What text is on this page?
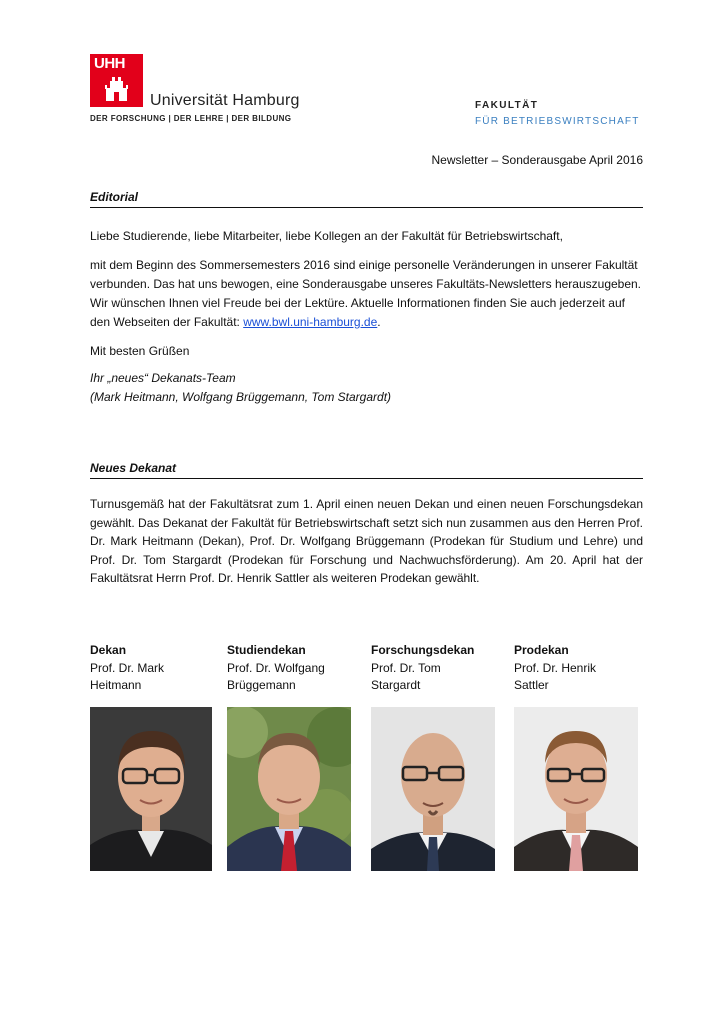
UHH
Universität Hamburg
DER FORSCHUNG | DER LEHRE | DER BILDUNG
FAKULTÄT
FÜR BETRIEBSWIRTSCHAFT
Newsletter – Sonderausgabe April 2016
Editorial

Liebe Studierende, liebe Mitarbeiter, liebe Kollegen an der Fakultät für Betriebswirtschaft,

mit dem Beginn des Sommersemesters 2016 sind einige personelle Veränderungen in unserer Fakultät verbunden. Das hat uns bewogen, eine Sonderausgabe unseres Fakultäts-Newsletters herauszugeben. Wir wünschen Ihnen viel Freude bei der Lektüre. Aktuelle Informationen finden Sie auch jederzeit auf den Webseiten der Fakultät: www.bwl.uni-hamburg.de.

Mit besten Grüßen

Ihr „neues“ Dekanats-Team

(Mark Heitmann, Wolfgang Brüggemann, Tom Stargardt)

Neues Dekanat

Turnusgemäß hat der Fakultätsrat zum 1. April einen neuen Dekan und einen neuen Forschungsdekan gewählt. Das Dekanat der Fakultät für Betriebswirtschaft setzt sich nun zusammen aus den Herren Prof. Dr. Mark Heitmann (Dekan), Prof. Dr. Wolfgang Brüggemann (Prodekan für Studium und Lehre) und Prof. Dr. Tom Stargardt (Prodekan für Forschung und Nachwuchsförderung). Am 20. April hat der Fakultätsrat Herrn Prof. Dr. Henrik Sattler als weiteren Prodekan gewählt.

Dekan
Prof. Dr. Mark
Heitmann
Studiendekan
Prof. Dr. Wolfgang
Brüggemann
Forschungsdekan
Prof. Dr. Tom
Stargardt
Prodekan
Prof. Dr. Henrik
Sattler
